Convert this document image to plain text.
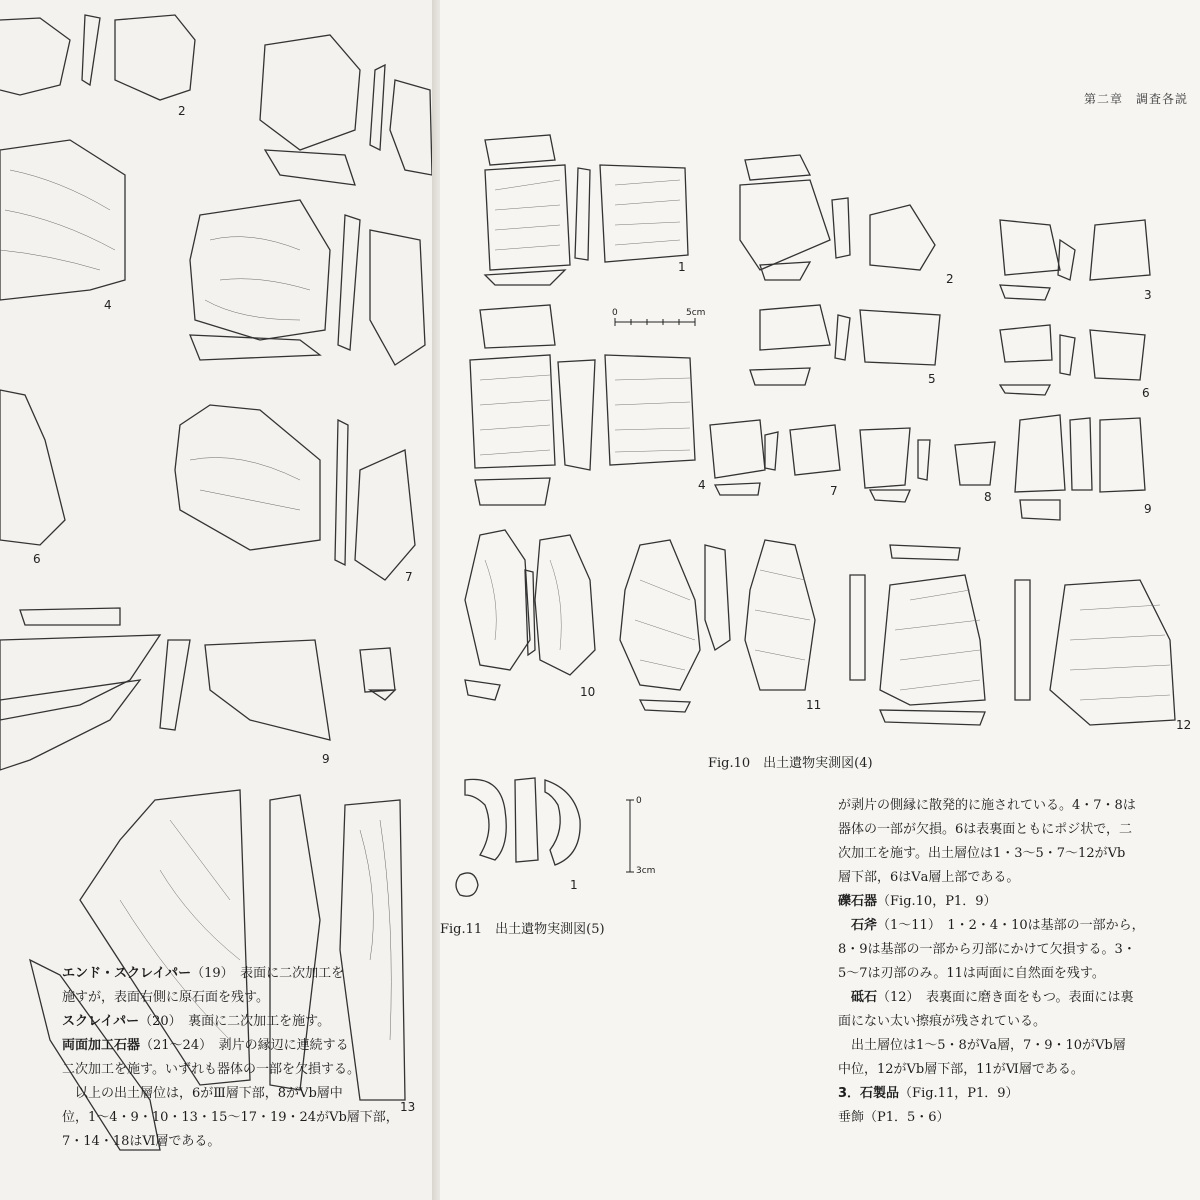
2
4
6
7
9
13
エンド・スクレイパー（19）　表面に二次加工を
施すが，表面右側に原石面を残す。
スクレイパー（20）　裏面に二次加工を施す。
両面加工石器（21〜24）　剥片の縁辺に連続する
二次加工を施す。いずれも器体の一部を欠損する。
　以上の出土層位は，6がⅢ層下部，8がⅤb層中
位，1〜4・9・10・13・15〜17・19・24がⅤb層下部，
7・14・18はⅥ層である。
第二章　調査各説
0	5cm
1
2
3
5
6
4	7	8
9
10
11
12
Fig.10　出土遺物実測図(4)
0
3cm
1
Fig.11　出土遺物実測図(5)
が剥片の側縁に散発的に施されている。4・7・8は
器体の一部が欠損。6は表裏面ともにポジ状で，二
次加工を施す。出土層位は1・3〜5・7〜12がⅤb
層下部，6はⅤa層上部である。
礫石器（Fig.10，P1．9）
　石斧（1〜11）　1・2・4・10は基部の一部から，
8・9は基部の一部から刃部にかけて欠損する。3・
5〜7は刃部のみ。11は両面に自然面を残す。
　砥石（12）　表裏面に磨き面をもつ。表面には裏
面にない太い擦痕が残されている。
　出土層位は1〜5・8がⅤa層，7・9・10がⅤb層
中位，12がⅤb層下部，11がⅥ層である。
3．石製品（Fig.11，P1．9）
垂飾（P1．5・6）
